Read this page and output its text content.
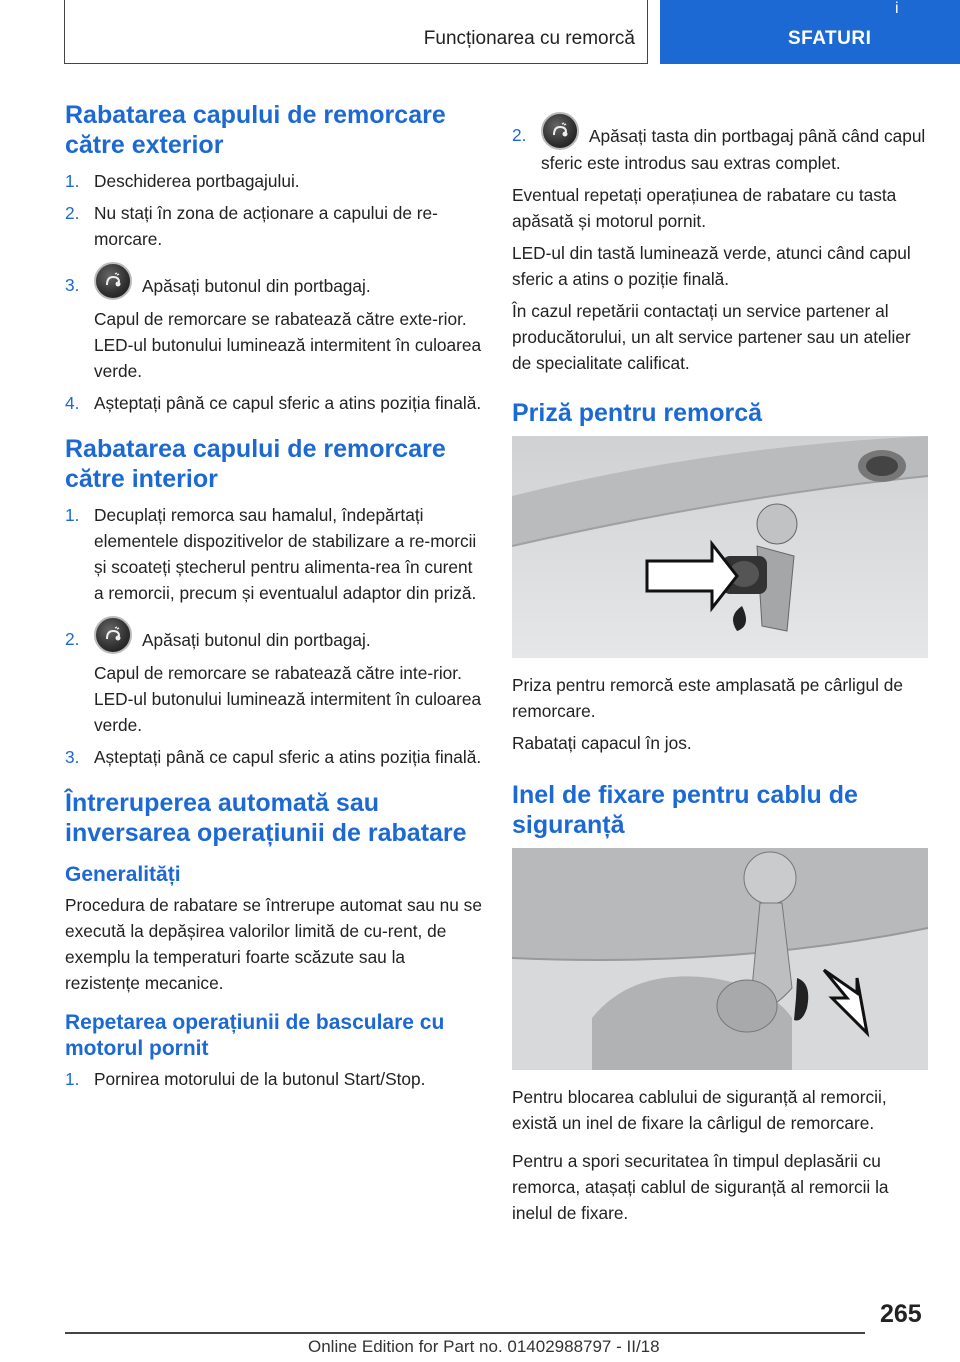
Funcționarea cu remorcă	SFATURI
i
Rabatarea capului de remorcare către exterior
1. Deschiderea portbagajului.

2. Nu stați în zona de acționare a capului de re-morcare.

3.	Apăsați butonul din portbagaj.

Capul de remorcare se rabatează către exte-rior. LED-ul butonului luminează intermitent în culoarea verde.

4. Așteptați până ce capul sferic a atins poziția finală.

Rabatarea capului de remorcare către interior
1. Decuplați remorca sau hamalul, îndepărtați elementele dispozitivelor de stabilizare a re-morcii și scoateți ștecherul pentru alimenta-rea în curent a remorcii, precum și eventualul adaptor din priză.

2.	Apăsați butonul din portbagaj.

Capul de remorcare se rabatează către inte-rior. LED-ul butonului luminează intermitent în culoarea verde.

3. Așteptați până ce capul sferic a atins poziția finală.

Întreruperea automată sau inversarea operațiunii de rabatare
Generalități

Procedura de rabatare se întrerupe automat sau nu se execută la depășirea valorilor limită de cu-rent, de exemplu la temperaturi foarte scăzute sau la rezistențe mecanice.

Repetarea operațiunii de basculare cu motorul pornit
1. Pornirea motorului de la butonul Start/Stop.

2.	Apăsați tasta din portbagaj până când capul sferic este introdus sau extras complet.

Eventual repetați operațiunea de rabatare cu tasta apăsată și motorul pornit.

LED-ul din tastă luminează verde, atunci când capul sferic a atins o poziție finală.

În cazul repetării contactați un service partener al producătorului, un alt service partener sau un atelier de specialitate calificat.

Priză pentru remorcă

Priza pentru remorcă este amplasată pe cârligul de remorcare.

Rabatați capacul în jos.

Inel de fixare pentru cablu de siguranță

Pentru blocarea cablului de siguranță al remorcii, există un inel de fixare la cârligul de remorcare.

Pentru a spori securitatea în timpul deplasării cu remorca, atașați cablul de siguranță al remorcii la inelul de fixare.

265
Online Edition for Part no. 01402988797 - II/18
